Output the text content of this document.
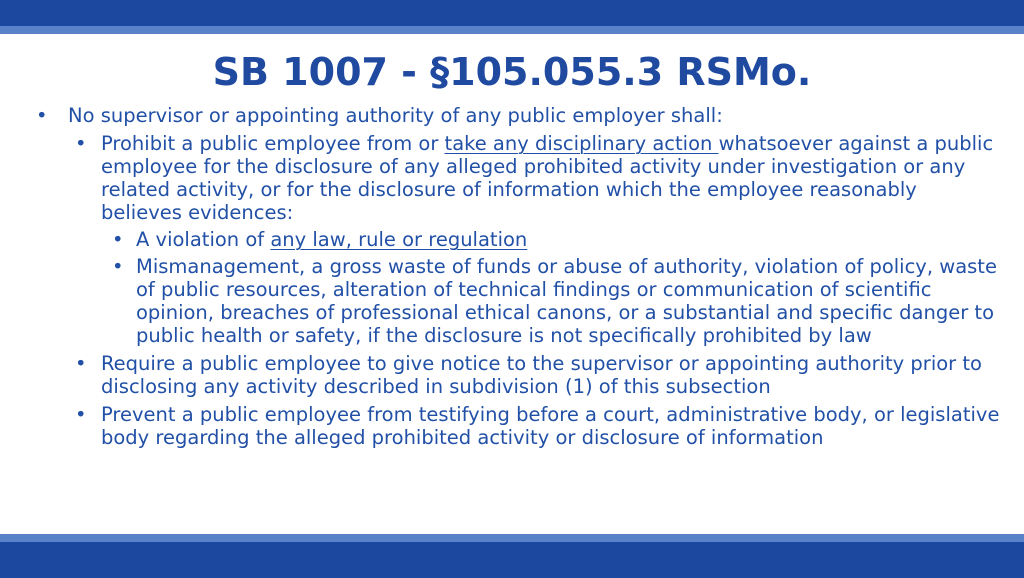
SB 1007 - §105.055.3 RSMo.

• No supervisor or appointing authority of any public employer shall:

• Prohibit a public employee from or take any disciplinary action whatsoever against a public employee for the disclosure of any alleged prohibited activity under investigation or any related activity, or for the disclosure of information which the employee reasonably believes evidences:

• A violation of any law, rule or regulation

• Mismanagement, a gross waste of funds or abuse of authority, violation of policy, waste of public resources, alteration of technical findings or communication of scientific opinion, breaches of professional ethical canons, or a substantial and specific danger to public health or safety, if the disclosure is not specifically prohibited by law

• Require a public employee to give notice to the supervisor or appointing authority prior to disclosing any activity described in subdivision (1) of this subsection

• Prevent a public employee from testifying before a court, administrative body, or legislative body regarding the alleged prohibited activity or disclosure of information
